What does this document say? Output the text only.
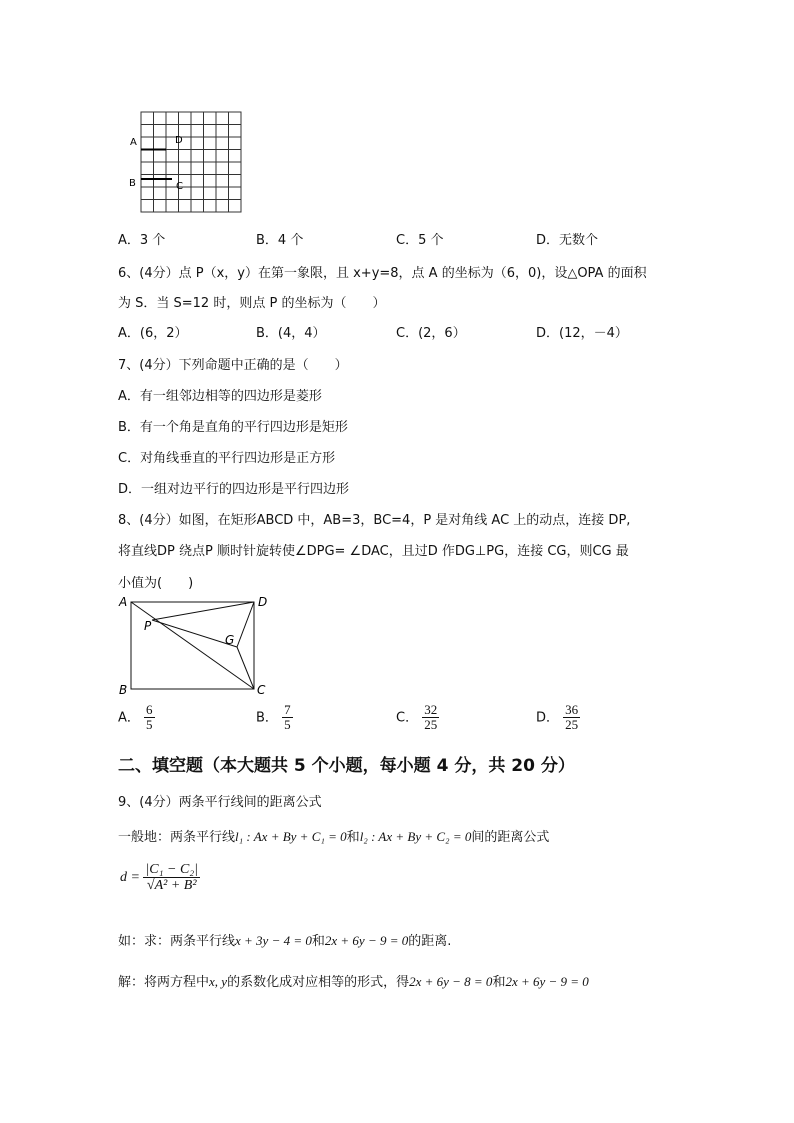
A	D
B	C
A．3 个	B．4 个	C．5 个	D．无数个
6、(4分）点 P（x，y）在第一象限，且 x+y=8，点 A 的坐标为（6，0)，设△OPA 的面积
为 S．当 S=12 时，则点 P 的坐标为（　　）
A．(6，2）	B．(4，4）	C．(2，6）	D．(12，－4）
7、(4分）下列命题中正确的是（　　）
A．有一组邻边相等的四边形是菱形
B．有一个角是直角的平行四边形是矩形
C．对角线垂直的平行四边形是正方形
D．一组对边平行的四边形是平行四边形
8、(4分）如图，在矩形ABCD 中，AB=3，BC=4，P 是对角线 AC 上的动点，连接 DP,
将直线DP 绕点P 顺时针旋转使∠DPG= ∠DAC，且过D 作DG⊥PG，连接 CG，则CG 最
小值为(　　)
A	D
B	C
P
G
A． $\frac{6}{5}$	B． $\frac{7}{5}$	C． $\frac{32}{25}$	D． $\frac{36}{25}$
二、填空题（本大题共 5 个小题，每小题 4 分，共 20 分）
9、(4分）两条平行线间的距离公式
一般地：两条平行线l₁ : Ax + By + C₁ = 0和l₂ : Ax + By + C₂ = 0间的距离公式
$d = \frac{\text{|C₁ − C₂|}}{\text{√A² + B²}}$
如：求：两条平行线x + 3y − 4 = 0和2x + 6y − 9 = 0的距离.
解：将两方程中x, y的系数化成对应相等的形式，得2x + 6y − 8 = 0和2x + 6y − 9 = 0
